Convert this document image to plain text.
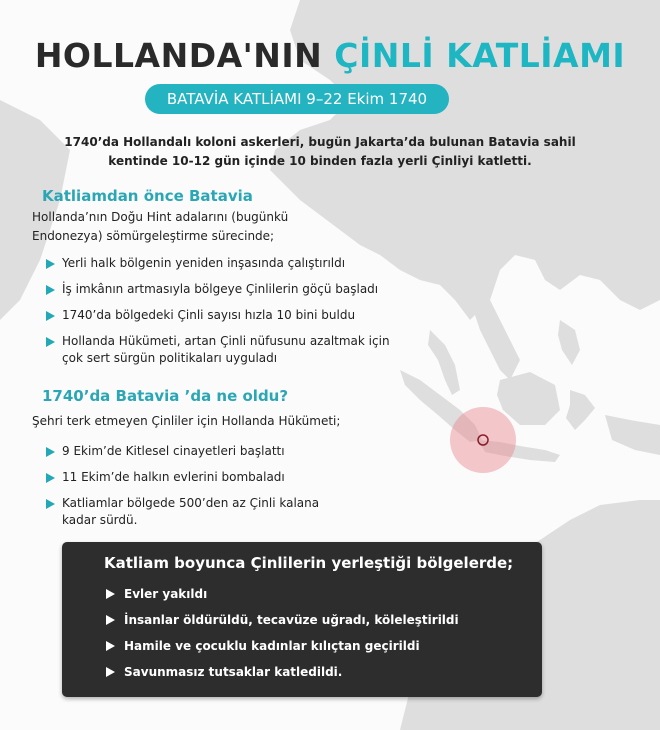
HOLLANDA'NIN ÇİNLİ KATLİAMI
BATAVİA KATLİAMI 9–22 Ekim 1740
1740’da Hollandalı koloni askerleri, bugün Jakarta’da bulunan Batavia sahil
kentinde 10-12 gün içinde 10 binden fazla yerli Çinliyi katletti.
Katliamdan önce Batavia
Hollanda’nın Doğu Hint adalarını (bugünkü
Endonezya) sömürgeleştirme sürecinde;
Yerli halk bölgenin yeniden inşasında çalıştırıldı
İş imkânın artmasıyla bölgeye Çinlilerin göçü başladı
1740’da bölgedeki Çinli sayısı hızla 10 bini buldu
Hollanda Hükümeti, artan Çinli nüfusunu azaltmak için
çok sert sürgün politikaları uyguladı
1740’da Batavia ’da ne oldu?
Şehri terk etmeyen Çinliler için Hollanda Hükümeti;
9 Ekim’de Kitlesel cinayetleri başlattı
11 Ekim’de halkın evlerini bombaladı
Katliamlar bölgede 500’den az Çinli kalana
kadar sürdü.
Katliam boyunca Çinlilerin yerleştiği bölgelerde;
Evler yakıldı
İnsanlar öldürüldü, tecavüze uğradı, köleleştirildi
Hamile ve çocuklu kadınlar kılıçtan geçirildi
Savunmasız tutsaklar katledildi.
